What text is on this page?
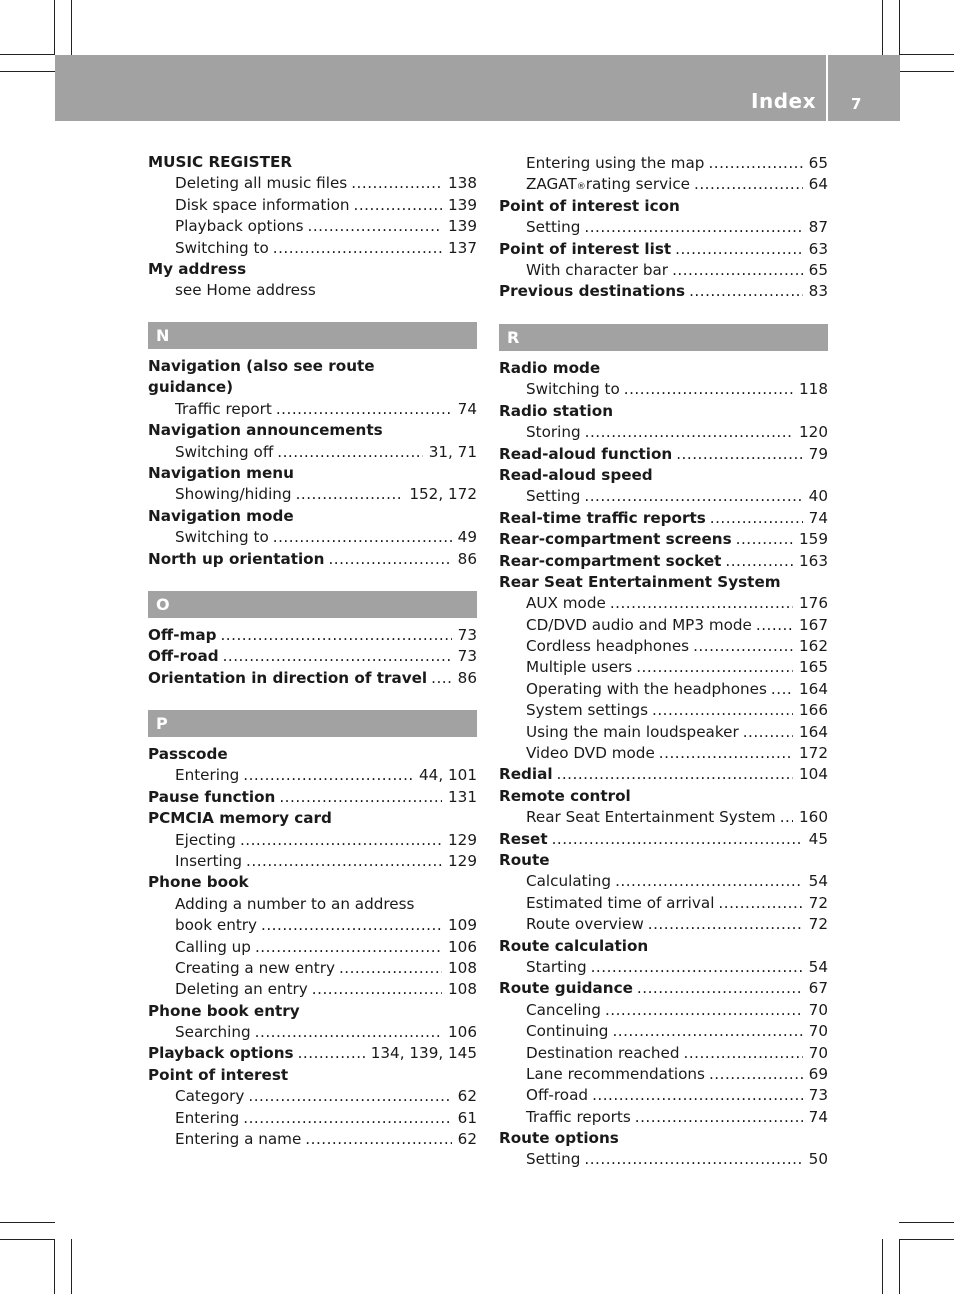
Index 7
MUSIC REGISTER
Deleting all music files .....	138
Disk space information .....	139
Playback options .....	139
Switching to .....	137
My address
see Home address
N
Navigation (also see route
guidance)
Traffic report .....	74
Navigation announcements
Switching off .....	31, 71
Navigation menu
Showing/hiding .....	152, 172
Navigation mode
Switching to .....	49
North up orientation .....	86
O
Off-map .....	73
Off-road .....	73
Orientation in direction of travel ..... 86
P
Passcode
Entering .....	44, 101
Pause function .....	131
PCMCIA memory card
Ejecting .....	129
Inserting .....	129
Phone book
Adding a number to an address
book entry .....	109
Calling up .....	106
Creating a new entry .....	108
Deleting an entry .....	108
Phone book entry
Searching .....	106
Playback options .....	134, 139, 145
Point of interest
Category .....	62
Entering .....	61
Entering a name .....	62
Entering using the map .....	65
ZAGAT ® rating service .....	64
Point of interest icon
Setting .....	87
Point of interest list .....	63
With character bar .....	65
Previous destinations .....	83
R
Radio mode
Switching to .....	118
Radio station
Storing .....	120
Read-aloud function .....	79
Read-aloud speed
Setting .....	40
Real-time traffic reports .....	74
Rear-compartment screens .....	159
Rear-compartment socket .....	163
Rear Seat Entertainment System
AUX mode .....	176
CD/DVD audio and MP3 mode .....	167
Cordless headphones .....	162
Multiple users .....	165
Operating with the headphones ..... 164
System settings .....	166
Using the main loudspeaker .....	164
Video DVD mode .....	172
Redial .....	104
Remote control
Rear Seat Entertainment System ..... 160
Reset .....	45
Route
Calculating .....	54
Estimated time of arrival .....	72
Route overview .....	72
Route calculation
Starting .....	54
Route guidance .....	67
Canceling .....	70
Continuing .....	70
Destination reached .....	70
Lane recommendations .....	69
Off-road .....	73
Traffic reports .....	74
Route options
Setting .....	50
